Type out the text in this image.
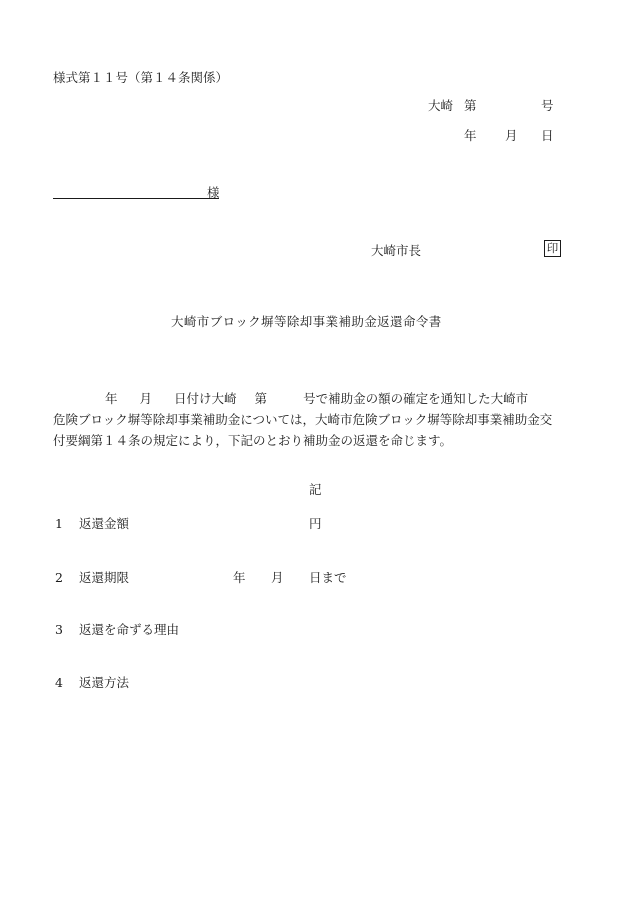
様式第１１号（第１４条関係）
大崎 第	号
年 月 日
様
大崎市長	印
大崎市ブロック塀等除却事業補助金返還命令書
年 月 日付け大崎 第	号で補助金の額の確定を通知した大崎市
危険ブロック塀等除却事業補助金については，大崎市危険ブロック塀等除却事業補助金交
付要綱第１４条の規定により，下記のとおり補助金の返還を命じます。
記
1 返還金額	円
2 返還期限	年 月 日まで
3 返還を命ずる理由
4 返還方法
